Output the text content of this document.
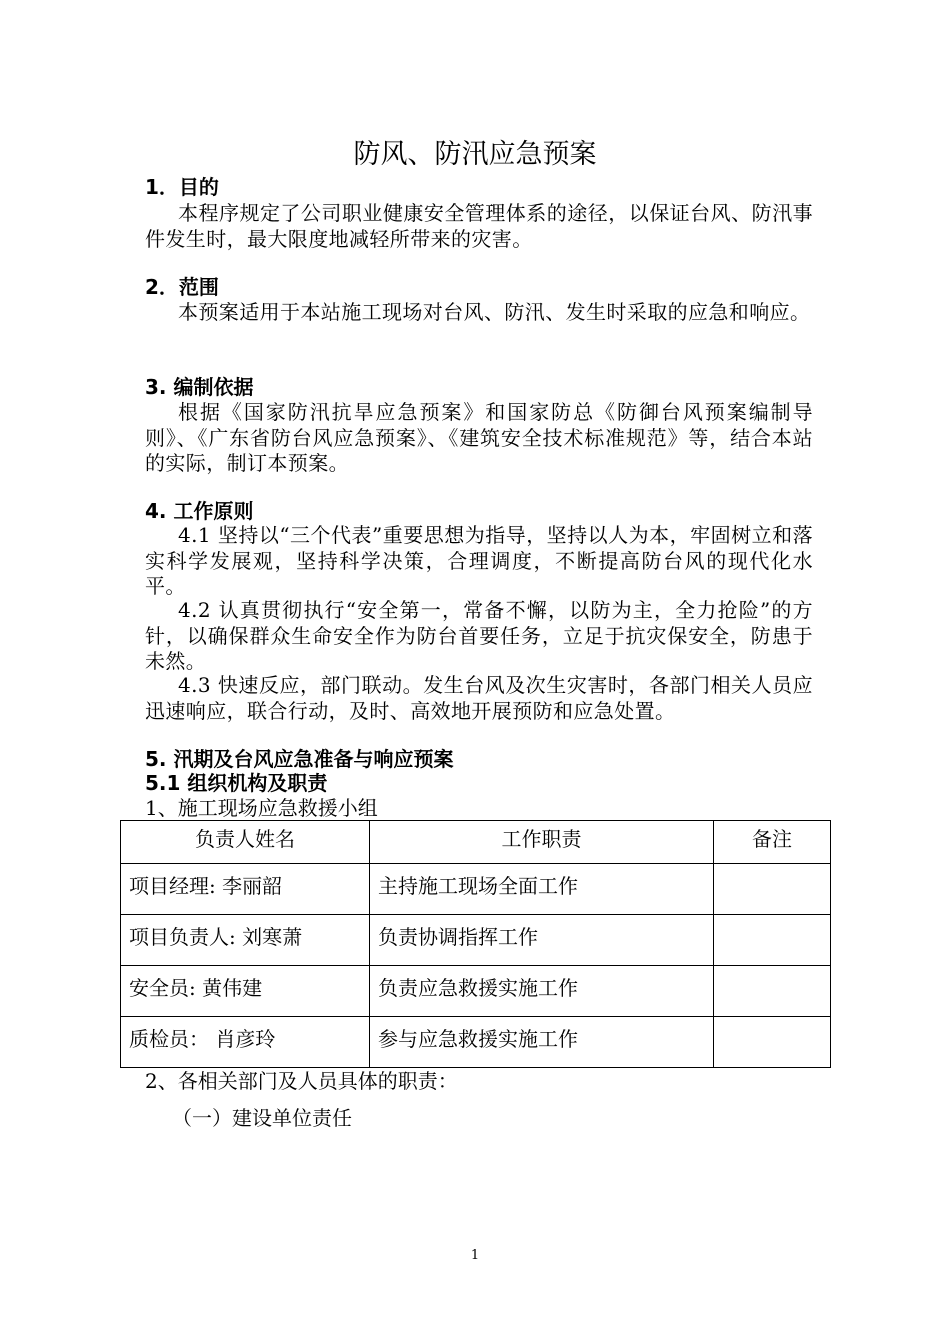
防风、防汛应急预案
1．目的
本程序规定了公司职业健康安全管理体系的途径，以保证台风、防汛事件发生时，最大限度地减轻所带来的灾害。
2．范围
本预案适用于本站施工现场对台风、防汛、发生时采取的应急和响应。
3. 编制依据
根据《国家防汛抗旱应急预案》和国家防总《防御台风预案编制导则》、《广东省防台风应急预案》、《建筑安全技术标准规范》等，结合本站的实际，制订本预案。
4. 工作原则
4.1 坚持以“三个代表”重要思想为指导，坚持以人为本，牢固树立和落实科学发展观，坚持科学决策，合理调度，不断提高防台风的现代化水平。
4.2 认真贯彻执行“安全第一，常备不懈，以防为主，全力抢险”的方针，以确保群众生命安全作为防台首要任务，立足于抗灾保安全，防患于未然。
4.3 快速反应，部门联动。发生台风及次生灾害时，各部门相关人员应迅速响应，联合行动，及时、高效地开展预防和应急处置。
5. 汛期及台风应急准备与响应预案
5.1 组织机构及职责
1、施工现场应急救援小组
负责人姓名	工作职责	备注
项目经理: 李丽韶	主持施工现场全面工作	
项目负责人: 刘寒萧	负责协调指挥工作	
安全员: 黄伟建	负责应急救援实施工作	
质检员： 肖彦玲	参与应急救援实施工作	
2、各相关部门及人员具体的职责：
（一）建设单位责任
1
